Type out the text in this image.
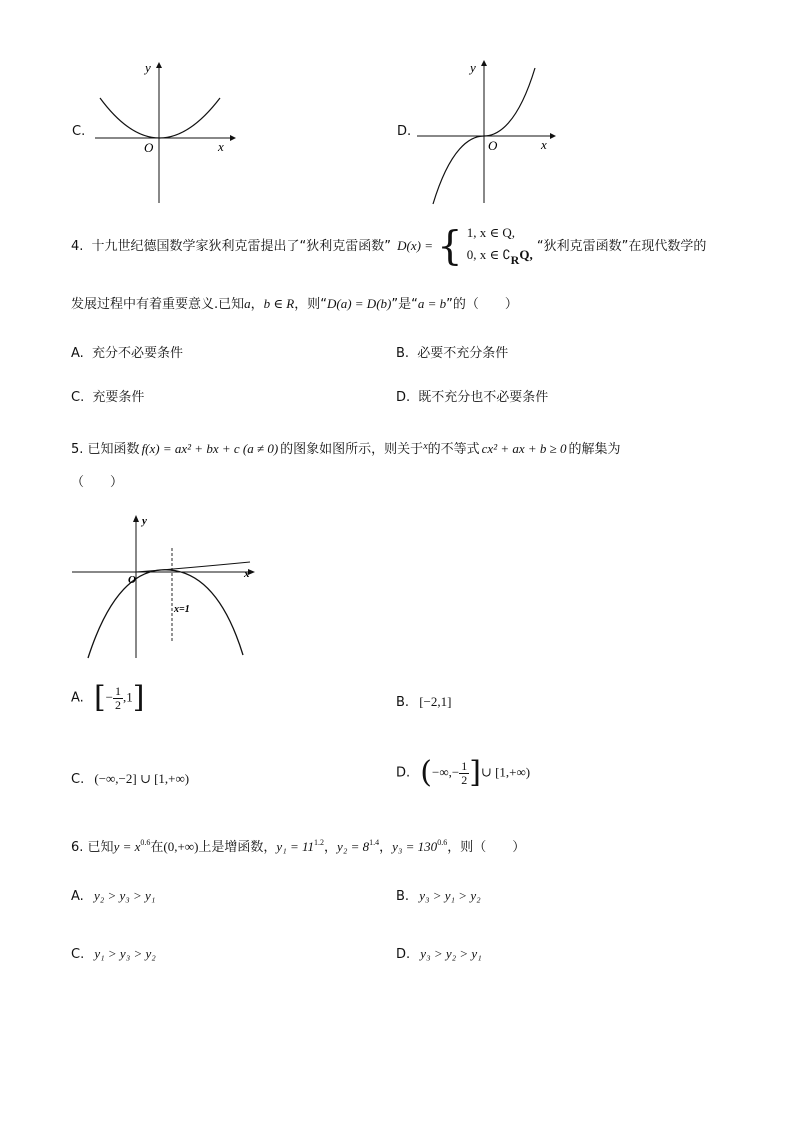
C.
y
x
O
D.
y
x
O
4. 十九世纪德国数学家狄利克雷提出了“狄利克雷函数” D(x) = { 1, x ∈ Q,
0, x ∈ $∁_RQ$,
“狄利克雷函数”在现代数学的
发展过程中有着重要意义.已知a，b ∈ R，则“D(a) = D(b)”是“a = b”的（　　）
A. 充分不必要条件	B. 必要不充分条件
C. 充要条件	D. 既不充分也不必要条件
5. 已知函数 f(x) = ax² + bx + c (a ≠ 0) 的图象如图所示，则关于$^x$的不等式 cx² + ax + b ≥ 0 的解集为
（　　）
y
x
O
x=1
A. [− $\frac{1}{2} ,1$]	B. [−2,1]
C. (−∞,−2] ∪ [1,+∞)	D. (−∞,− $\frac{1}{2}$ ]∪ [1,+∞)
6. 已知$y = x^{0.6}$在(0,+∞)上是增函数，$y_1 = 11^{1.2}$，$y_2 = 8^{1.4}$，$y_3 = 130^{0.6}$，则（　　）
A. y₂ > y₃ > y₁	B. y₃ > y₁ > y₂
C. y₁ > y₃ > y₂	D. y₃ > y₂ > y₁
